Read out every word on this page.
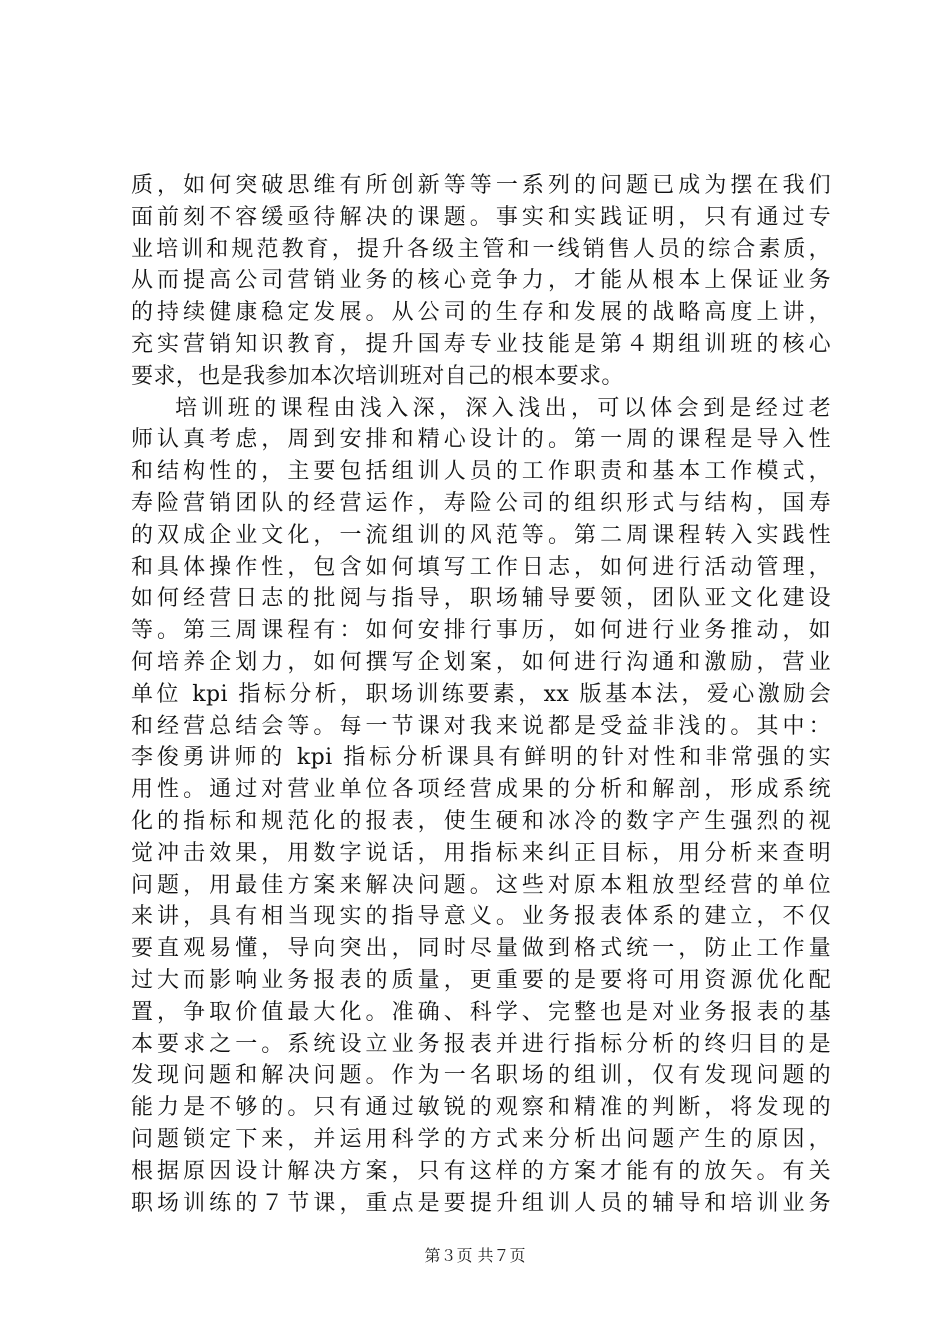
质，如何突破思维有所创新等等一系列的问题已成为摆在我们
面前刻不容缓亟待解决的课题。事实和实践证明，只有通过专
业培训和规范教育，提升各级主管和一线销售人员的综合素质，
从而提高公司营销业务的核心竞争力，才能从根本上保证业务
的持续健康稳定发展。从公司的生存和发展的战略高度上讲，
充实营销知识教育，提升国寿专业技能是第４期组训班的核心
要求，也是我参加本次培训班对自己的根本要求。
培训班的课程由浅入深，深入浅出，可以体会到是经过老
师认真考虑，周到安排和精心设计的。第一周的课程是导入性
和结构性的，主要包括组训人员的工作职责和基本工作模式，
寿险营销团队的经营运作，寿险公司的组织形式与结构，国寿
的双成企业文化，一流组训的风范等。第二周课程转入实践性
和具体操作性，包含如何填写工作日志，如何进行活动管理，
如何经营日志的批阅与指导，职场辅导要领，团队亚文化建设
等。第三周课程有：如何安排行事历，如何进行业务推动，如
何培养企划力，如何撰写企划案，如何进行沟通和激励，营业
单位 kpi 指标分析，职场训练要素，xx 版基本法，爱心激励会
和经营总结会等。每一节课对我来说都是受益非浅的。其中：
李俊勇讲师的 kpi 指标分析课具有鲜明的针对性和非常强的实
用性。通过对营业单位各项经营成果的分析和解剖，形成系统
化的指标和规范化的报表，使生硬和冰冷的数字产生强烈的视
觉冲击效果，用数字说话，用指标来纠正目标，用分析来查明
问题，用最佳方案来解决问题。这些对原本粗放型经营的单位
来讲，具有相当现实的指导意义。业务报表体系的建立，不仅
要直观易懂，导向突出，同时尽量做到格式统一，防止工作量
过大而影响业务报表的质量，更重要的是要将可用资源优化配
置，争取价值最大化。准确、科学、完整也是对业务报表的基
本要求之一。系统设立业务报表并进行指标分析的终归目的是
发现问题和解决问题。作为一名职场的组训，仅有发现问题的
能力是不够的。只有通过敏锐的观察和精准的判断，将发现的
问题锁定下来，并运用科学的方式来分析出问题产生的原因，
根据原因设计解决方案，只有这样的方案才能有的放矢。有关
职场训练的７节课，重点是要提升组训人员的辅导和培训业务
第３页 共７页
